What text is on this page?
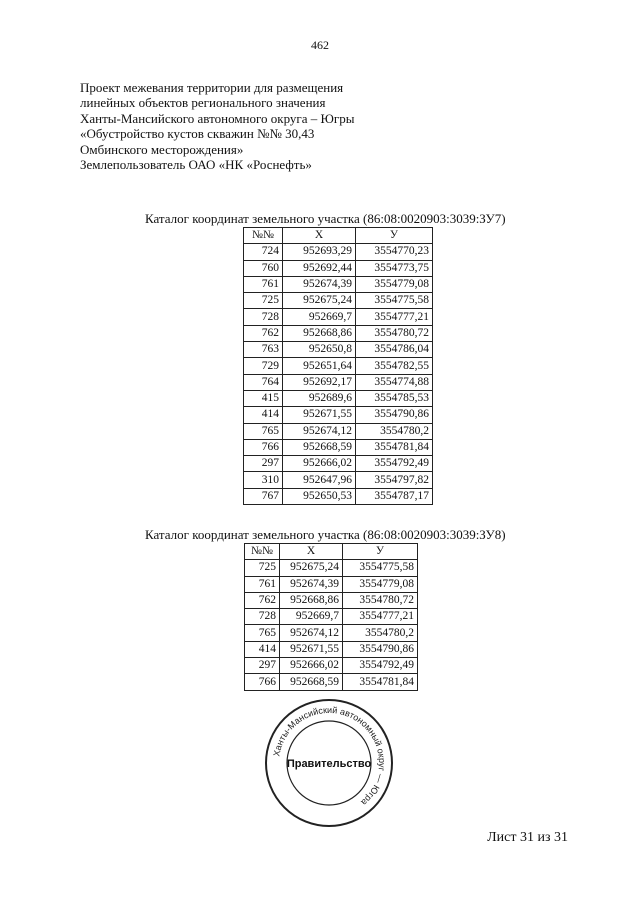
462
Проект межевания территории для размещения
линейных объектов регионального значения
Ханты-Мансийского автономного округа – Югры
«Обустройство кустов скважин №№ 30,43
Омбинского месторождения»
Землепользователь ОАО «НК «Роснефть»
Каталог координат земельного участка (86:08:0020903:3039:ЗУ7)
№№	Х	У
724	952693,29	3554770,23
760	952692,44	3554773,75
761	952674,39	3554779,08
725	952675,24	3554775,58
728	952669,7	3554777,21
762	952668,86	3554780,72
763	952650,8	3554786,04
729	952651,64	3554782,55
764	952692,17	3554774,88
415	952689,6	3554785,53
414	952671,55	3554790,86
765	952674,12	3554780,2
766	952668,59	3554781,84
297	952666,02	3554792,49
310	952647,96	3554797,82
767	952650,53	3554787,17
Каталог координат земельного участка (86:08:0020903:3039:ЗУ8)
№№	Х	У
725	952675,24	3554775,58
761	952674,39	3554779,08
762	952668,86	3554780,72
728	952669,7	3554777,21
765	952674,12	3554780,2
414	952671,55	3554790,86
297	952666,02	3554792,49
766	952668,59	3554781,84
Ханты-Мансийский автономный округ — Югра
Правительство
Лист 31 из 31
